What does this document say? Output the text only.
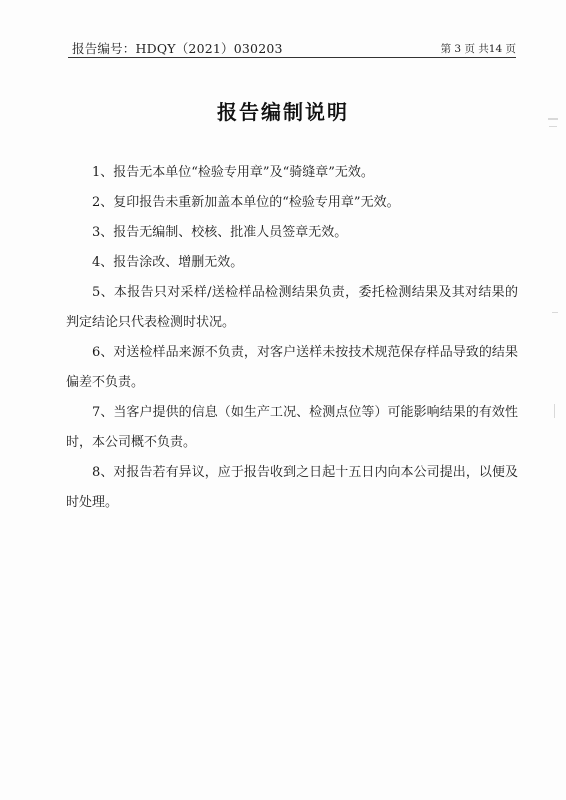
报告编号：HDQY（2021）030203	第 3 页 共14 页
报告编制说明

1、报告无本单位“检验专用章”及“骑缝章”无效。

2、复印报告未重新加盖本单位的“检验专用章”无效。

3、报告无编制、校核、批准人员签章无效。

4、报告涂改、增删无效。

5、本报告只对采样/送检样品检测结果负责，委托检测结果及其对结果的判定结论只代表检测时状况。

6、对送检样品来源不负责，对客户送样未按技术规范保存样品导致的结果偏差不负责。

7、当客户提供的信息（如生产工况、检测点位等）可能影响结果的有效性时，本公司概不负责。

8、对报告若有异议，应于报告收到之日起十五日内向本公司提出，以便及时处理。
